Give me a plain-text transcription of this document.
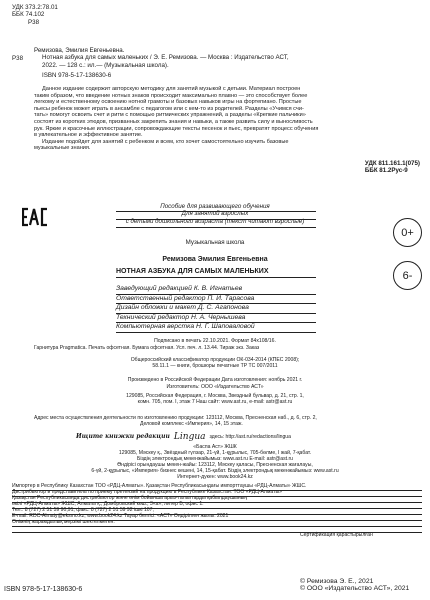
УДК 373.2:78.01
ББК 74.102
Р38
Р38
Ремизова, Эмилия Евгеньевна.
Нотная азбука для самых маленьких / Э. Е. Ремизова. — Москва : Издательство АСТ,
2022. — 128 с.: ил.— (Музыкальная школа).
ISBN 978-5-17-138630-6
Данное издание содержит авторскую методику для занятий музыкой с детьми. Материал построен
таким образом, что введение нотных знаков происходит максимально плавно — это способствует более
легкому и естественному освоению нотной грамоты и базовых навыков игры на фортепиано. Простые
пьесы ребенок может играть в ансамбле с педагогом или с кем-то из родителей. Разделы «Учимся счи-
тать» помогут освоить счет и ритм с помощью ритмических упражнений, а разделы «Крепкие пальчики»
состоят из коротких этюдов, призванных закрепить знания и навыки, а также развить силу и выносливость
рук. Яркие и красочные иллюстрации, сопровождающие тексты песенок и пьес, превратят процесс обучения
в увлекательное и эффективное занятие.
Издание подойдет для занятий с ребенком и всем, кто хочет самостоятельно изучить базовые
музыкальные знания.
УДК 811.161.1(075)
ББК 81.2Рус-9
Пособие для развивающего обучения
Для занятий взрослых
с детьми дошкольного возраста (текст читают взрослые)
0+
Музыкальная школа
Ремизова Эмилия Евгеньевна
НОТНАЯ АЗБУКА ДЛЯ САМЫХ МАЛЕНЬКИХ	6-
Заведующий редакцией К. В. Игнатьев
Ответственный редактор П. И. Тарасова
Дизайн обложки и макет Д. С. Агапонова
Технический редактор Н. А. Чернышева
Компьютерная верстка Н. Г. Шаповаловой
Подписано в печать 22.10.2021. Формат 84x108/16.
Гарнитура Pragmatica. Печать офсетная. Бумага офсетная. Усл. печ. л. 13.44. Тираж экз. Заказ
Общероссийский классификатор продукции ОК-034-2014 (КПЕС 2008);
58.11.1 — книги, брошюры печатные ТР ТС 007/2011
Произведено в Российской Федерации Дата изготовления: ноябрь 2021 г.
Изготовитель: ООО «Издательство АСТ»
129085, Российская Федерация, г. Москва, Звездный бульвар, д. 21, стр. 1,
комн. 705, пом. I, этаж 7 Наш сайт: www.ast.ru, e-mail: astr@ast.ru
Адрес места осуществления деятельности по изготовлению продукции: 123112, Москва, Пресненская наб., д. 6, стр. 2,
Деловой комплекс «Империя», 14, 15 этаж.
Ищите книжки редакции Lingua здесь: http://ast.ru/redactions/lingua
«Баспа Аст» ЖШК
129085, Мәскеу қ., Звёздный гүлзар, 21-үй, 1-құрылыс, 705-бөлме, I жай, 7-қабат.
Біздің электрондық мекенжайымыз: www.ast.ru E-mail: astr@ast.ru
Өндірісі орындаушы мекен-жайы: 123112, Мәскеу қаласы, Пресненская жағалауы,
6-үй, 2-құрылыс, «Империя» бизнес кешені, 14, 15-қабат. Біздің электрондық мекенжайымыз: www.ast.ru
Интернет-дукен: www.book24.kz
Импортер в Республику Казахстан ТОО «РДЦ-Алматы». Қазақстан Республикасындағы импорттаушы «РДЦ-Алматы» ЖШС.
Дистрибьютор и представитель по приему претензий на продукцию в Республике Казахстан: ТОО «РДЦ-Алматы»
Қазақстан Республикасында дистрибьютор және өнім бойынша арыз-талаптарды қабылдаушының
өкілі «РДЦ-Алматы» ЖШС, Алматы қ., Домбровский көш., 3«а», литер Б, офис 1.
Тел.: 8 (727) 2 51 59 90,91, факс: 8 (727) 2 51 59 92 ішкі 107;
E-mail: RDC-Almaty@eksmo.kz, www.book24.kz Тауар белгісі: «АСТ» Өндірілген жылы: 2021
Өнімнің жарамдылық мерзімі шектелмеген.
Сертификация қарастырылған
ISBN 978-5-17-138630-6
© Ремизова Э. Е., 2021
© ООО «Издательство АСТ», 2021
